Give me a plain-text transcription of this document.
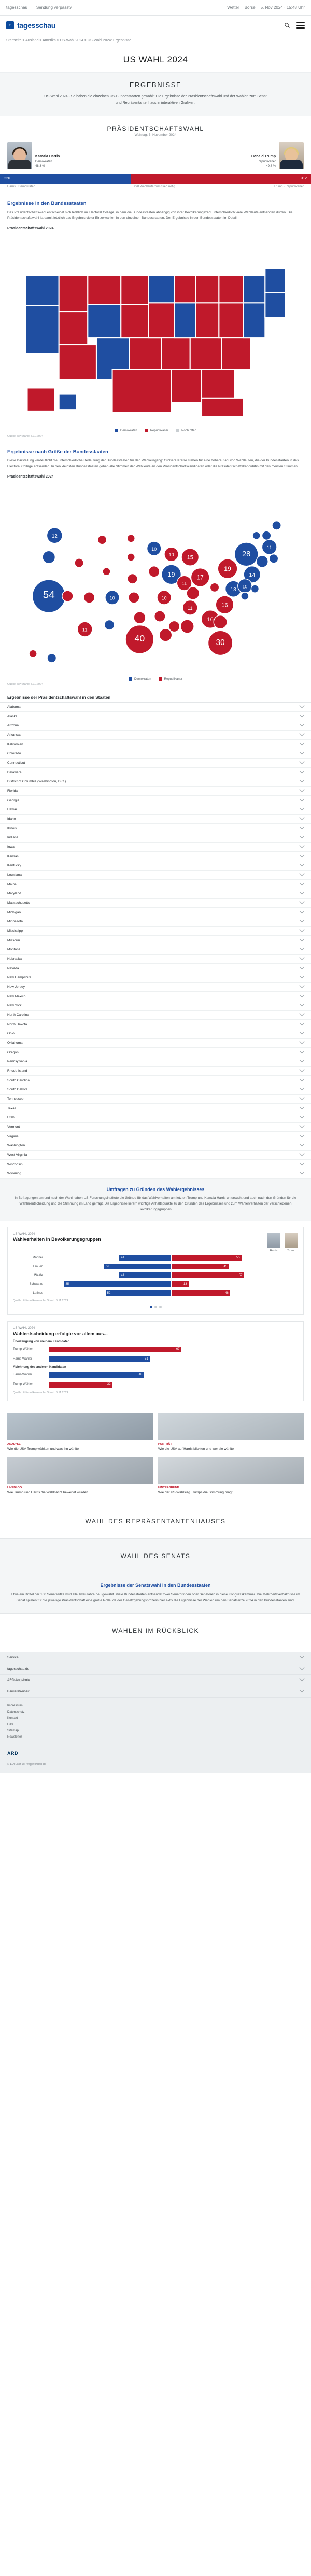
tagesschau Sendung verpasst?	Wetter Börse 5. Nov 2024 · 15:48 Uhr
t tagesschau
Startseite > Ausland > Amerika > US-Wahl 2024 > US-Wahl 2024: Ergebnisse
US WAHL 2024
ERGEBNISSE

US-Wahl 2024 - So haben die einzelnen US-Bundesstaaten gewählt: Die Ergebnisse der Präsidentschaftswahl und der Wahlen zum Senat und Repräsentantenhaus in interaktiven Grafiken.

PRÄSIDENTSCHAFTSWAHL
Wahltag: 5. November 2024
Kamala Harris
Demokraten
48,3 %
Donald Trump
Republikaner
49,8 %
226	312
Harris · Demokraten	270 Wahlleute zum Sieg nötig	Trump · Republikaner
Ergebnisse in den Bundesstaaten

Das Präsidentschaftswahl entscheidet sich letztlich im Electoral College, in dem die Bundesstaaten abhängig von ihrer Bevölkerungszahl unterschiedlich viele Wahlleute entsenden dürfen. Die Präsidentschaftswahl ist damit letztlich das Ergebnis vieler Einzelwahlen in den einzelnen Bundesstaaten. Der Ergebnisse in den Bundesstaaten im Detail:

Präsidentschaftswahl 2024
Demokraten	Republikaner	Noch offen
Quelle: AP/Stand: 5.11.2024
Ergebnisse nach Größe der Bundesstaaten

Diese Darstellung verdeutlicht die unterschiedliche Bedeutung der Bundesstaaten für den Wahlausgang: Größere Kreise stehen für eine höhere Zahl von Wahlleuten, die der Bundesstaaten in das Electoral College entsenden. In den kleinsten Bundesstaaten gehen alle Stimmen der Wahlleute an den Präsidentschaftskandidaten oder die Präsidentschaftskandidatin mit den meisten Stimmen.

Präsidentschaftswahl 2024
54
40	30
28
19
19	17
16
16
15
14
13
12
11
11
11
11
10
10
10
10
10
Demokraten	Republikaner
Quelle: AP/Stand: 5.11.2024
Ergebnisse der Präsidentschaftswahl in den Staaten
Alabama
Alaska
Arizona
Arkansas
Kalifornien
Colorado
Connecticut
Delaware
District of Columbia (Washington, D.C.)
Florida
Georgia
Hawaii
Idaho
Illinois
Indiana
Iowa
Kansas
Kentucky
Louisiana
Maine
Maryland
Massachusetts
Michigan
Minnesota
Mississippi
Missouri
Montana
Nebraska
Nevada
New Hampshire
New Jersey
New Mexico
New York
North Carolina
North Dakota
Ohio
Oklahoma
Oregon
Pennsylvania
Rhode Island
South Carolina
South Dakota
Tennessee
Texas
Utah
Vermont
Virginia
Washington
West Virginia
Wisconsin
Wyoming
Umfragen zu Gründen des Wahlergebnisses

In Befragungen am und nach der Wahl haben US-Forschungsinstitute die Gründe für das Wahlverhalten am letzten Trump und Kamala Harris untersucht und auch nach den Gründen für die Wählerentscheidung und die Stimmung im Land gefragt. Die Ergebnisse liefern wichtige Anhaltspunkte zu den Gründen des Ergebnisses und zum Wählerverhalten der verschiedenen Bevölkerungsgruppen.

US-WAHL 2024
Wahlverhalten in Bevölkerungsgruppen
Harris	Trump
Männer	41	55
Frauen	53	45
Weiße	41	57
Schwarze	85	13
Latinos	52	46
Quelle: Edison Research / Stand: 6.11.2024
US-WAHL 2024
Wahlentscheidung erfolgte vor allem aus...
Überzeugung von meinem Kandidaten
Trump-Wähler	67
Harris-Wähler	51
Ablehnung des anderen Kandidaten
Harris-Wähler	48
Trump-Wähler	32
Quelle: Edison Research / Stand: 6.11.2024
ANALYSE
Wie die USA Trump wählten und was ihn wählte
PORTRÄT
Wie die USA auf Harris blickten und wer sie wählte
LIVEBLOG
Wie Trump und Harris die Wahlnacht bewertet wurden
HINTERGRUND
Wie der US-Wahlsieg Trumps die Stimmung prägt
WAHL DES REPRÄSENTANTENHAUSES
WAHL DES SENATS
Ergebnisse der Senatswahl in den Bundesstaaten

Etwa ein Drittel der 100 Senatssitze wird alle zwei Jahre neu gewählt. Viele Bundesstaaten entsendet zwei Senatorinnen oder Senatoren in diese Kongresskammer. Die Mehrheitsverhältnisse im Senat spielen für die jeweilige Präsidentschaft eine große Rolle, da der Gesetzgebungsprozess hier aktiv die Ergebnisse der Wahlen um den Senatssitze 2024 in den Bundesstaaten sind:

WAHLEN IM RÜCKBLICK
Service
tagesschau.de
ARD-Angebote
Barrierefreiheit
Impressum
Datenschutz
Kontakt
Hilfe
Sitemap
Newsletter
ARD
© ARD-aktuell / tagesschau.de
